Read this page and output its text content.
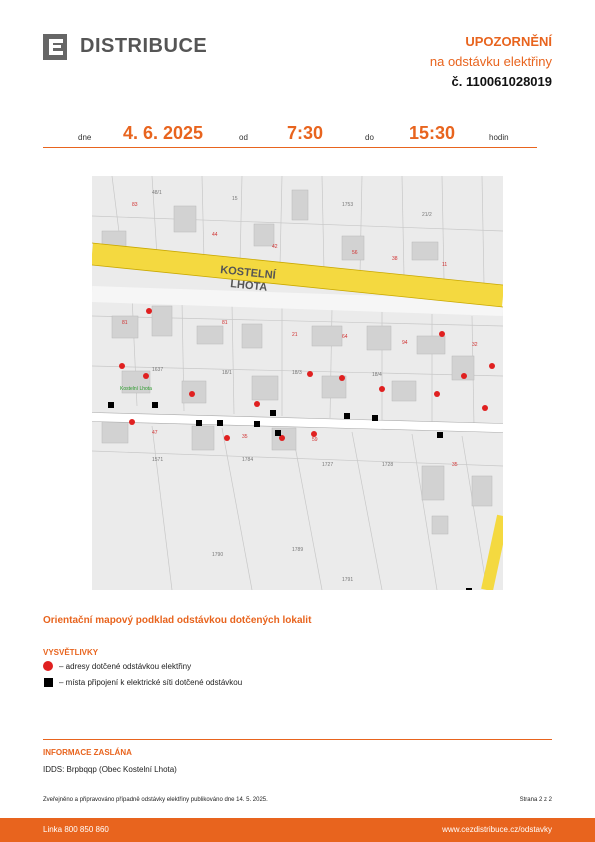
DISTRIBUCE	UPOZORNĚNÍ
na odstávku elektřiny
č. 110061028019
dne 4. 6. 2025	od 7:30	do 15:30	hodin
83
44
42
56
38
11
81	81
21	64
94	32
47
35	59
35
48/1
15
1753
21/2
1637	18/1	18/3	18/4
1571	1784
1727	1728
1789
1790
1791
KOSTELNÍ
LHOTA
Kostelní Lhota
Orientační mapový podklad odstávkou dotčených lokalit
VYSVĚTLIVKY
– adresy dotčené odstávkou elektřiny
– místa připojení k elektrické síti dotčené odstávkou
INFORMACE ZASLÁNA
IDDS: Brpbqqp (Obec Kostelní Lhota)
Zveřejněno a připravováno případně odstávky elektřiny publikováno dne 14. 5. 2025.	Strana 2 z 2
Linka 800 850 860	www.cezdistribuce.cz/odstavky
